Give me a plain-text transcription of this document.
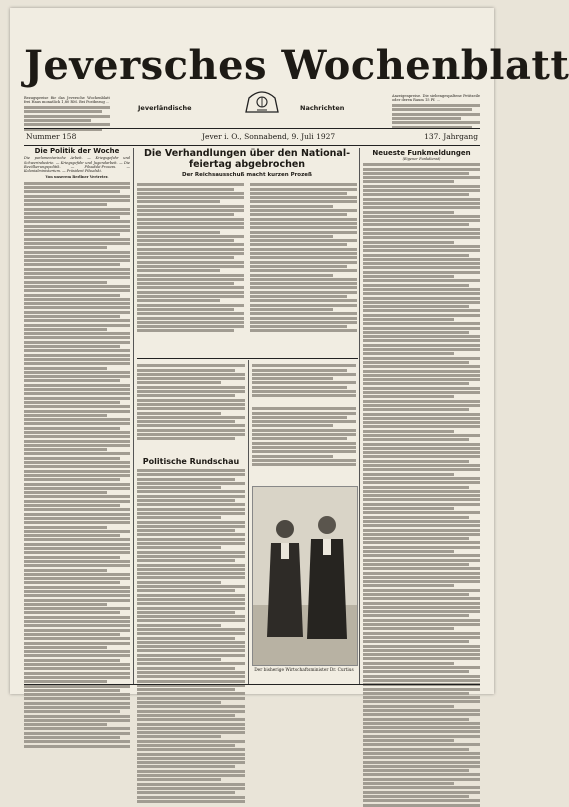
Bezugspreise für das Jeversche Wochenblatt frei Haus monatlich 1,80 RM. Bei Postbezug ...
Anzeigenpreise. Die siebengespaltene Petitzeile oder deren Raum 15 Pf. ...
Jeversches Wochenblatt
Jeverländische	Nachrichten
Nummer 158	Jever i. O., Sonnabend, 9. Juli 1927	137. Jahrgang
Die Politik der Woche
Die parlamentarische Arbeit. — Kriegsgefahr und Schwerindustrie. — Kriegsgefahr und Jugendarbeit. — Die Bevölkerungspolitik. — Pilsudski-Prozess. — Kolonialministerium. — Präsident Pilsudski.
Von unserem Berliner Vertreter.
Die Verhandlungen über den National-feiertag abgebrochen
Der Reichsausschuß macht kurzen Prozeß
Neueste Funkmeldungen
(Eigener Funkdienst)
Politische Rundschau
Der bisherige Wirtschaftsminister Dr. Curtius
